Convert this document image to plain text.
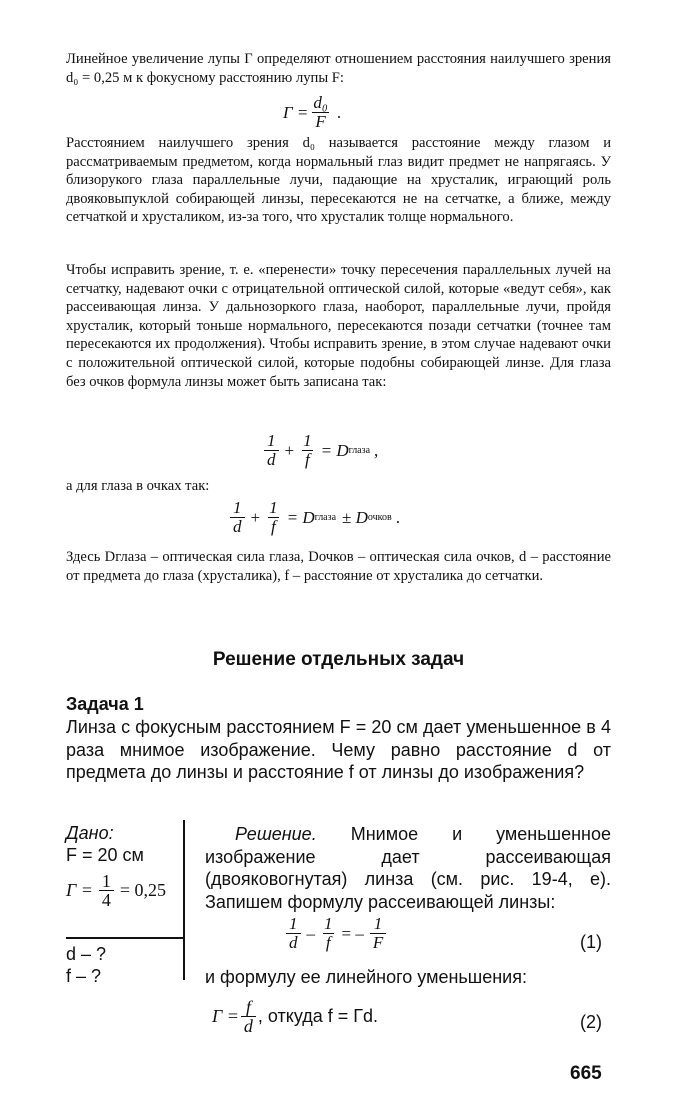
Линейное увеличение лупы Г определяют отношением расстояния наилучшего зрения d₀ = 0,25 м к фокусному расстоянию лупы F:

$Г = \frac{\text{d₀}}{F}$ .

Расстоянием наилучшего зрения d₀ называется расстояние между глазом и рассматриваемым предметом, когда нормальный глаз видит предмет не напрягаясь. У близорукого глаза параллельные лучи, падающие на хрусталик, играющий роль двояковыпуклой собирающей линзы, пересекаются не на сетчатке, а ближе, между сетчаткой и хрусталиком, из-за того, что хрусталик толще нормального.

Чтобы исправить зрение, т. е. «перенести» точку пересечения параллельных лучей на сетчатку, надевают очки с отрицательной оптической силой, которые «ведут себя», как рассеивающая линза. У дальнозоркого глаза, наоборот, параллельные лучи, пройдя хрусталик, который тоньше нормального, пересекаются позади сетчатки (точнее там пересекаются их продолжения). Чтобы исправить зрение, в этом случае надевают очки с положительной оптической силой, которые подобны собирающей линзе. Для глаза без очков формула линзы может быть записана так:

$\frac{1}{d} + \frac{1}{f} = D$ глаза ,

а для глаза в очках так:

$\frac{1}{d} + \frac{1}{f} = D$ глаза ± D очков .

Здесь Dглаза – оптическая сила глаза, Dочков – оптическая сила очков, d – расстояние от предмета до глаза (хрусталика), f – расстояние от хрусталика до сетчатки.

Решение отдельных задач
Задача 1

Линза с фокусным расстоянием F = 20 см дает уменьшенное в 4 раза мнимое изображение. Чему равно расстояние d от предмета до линзы и расстояние f от линзы до изображения?

Дано:
F = 20 см
$Г = \frac{1}{4} = 0,25$
d – ?
f – ?

Решение. Мнимое и уменьшенное изображение дает рассеивающая (двояковогнутая) линза (см. рис. 19-4, е). Запишем формулу рассеивающей линзы:

$\frac{1}{d} - \frac{1}{f}$ = – $\frac{1}{F}$	(1)

и формулу ее линейного уменьшения:

$Г = \frac{f}{d}$ , откуда f = Гd.	(2)
665
